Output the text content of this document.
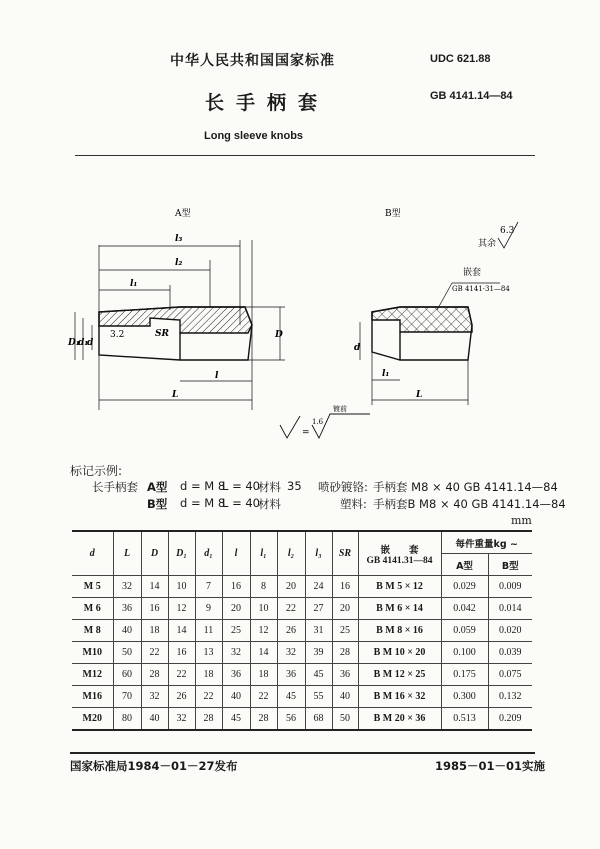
中华人民共和国国家标准	UDC 621.88
长手柄套	GB 4141.14—84
Long sleeve knobs
A型
l₃
l₂
l₁
D
D₁
d₁
d
l
L
3.2	SR
B型
其余
6.3
d
l₁
L
嵌套
GB 4141·31—84
=
1.6
镀前
标记示例:
长手柄套 A型 d = M 8
L = 40
材料 35 喷砂镀铬: 手柄套 M8 × 40 GB 4141.14—84
B型 d = M 8
L = 40
材料	塑料: 手柄套B M8 × 40 GB 4141.14—84
mm
d	L	D	D₁	d₁	l	l₁	l₂	l₃	SR	嵌　　套
GB 4141.31—84	每件重量kg ~	
											A型	B型
M 5	32	14	10	7	16	8	20	24	16	B M 5 × 12	0.029	0.009
M 6	36	16	12	9	20	10	22	27	20	B M 6 × 14	0.042	0.014
M 8	40	18	14	11	25	12	26	31	25	B M 8 × 16	0.059	0.020
M10	50	22	16	13	32	14	32	39	28	B M 10 × 20	0.100	0.039
M12	60	28	22	18	36	18	36	45	36	B M 12 × 25	0.175	0.075
M16	70	32	26	22	40	22	45	55	40	B M 16 × 32	0.300	0.132
M20	80	40	32	28	45	28	56	68	50	B M 20 × 36	0.513	0.209
国家标准局1984－01－27发布	1985－01－01实施
